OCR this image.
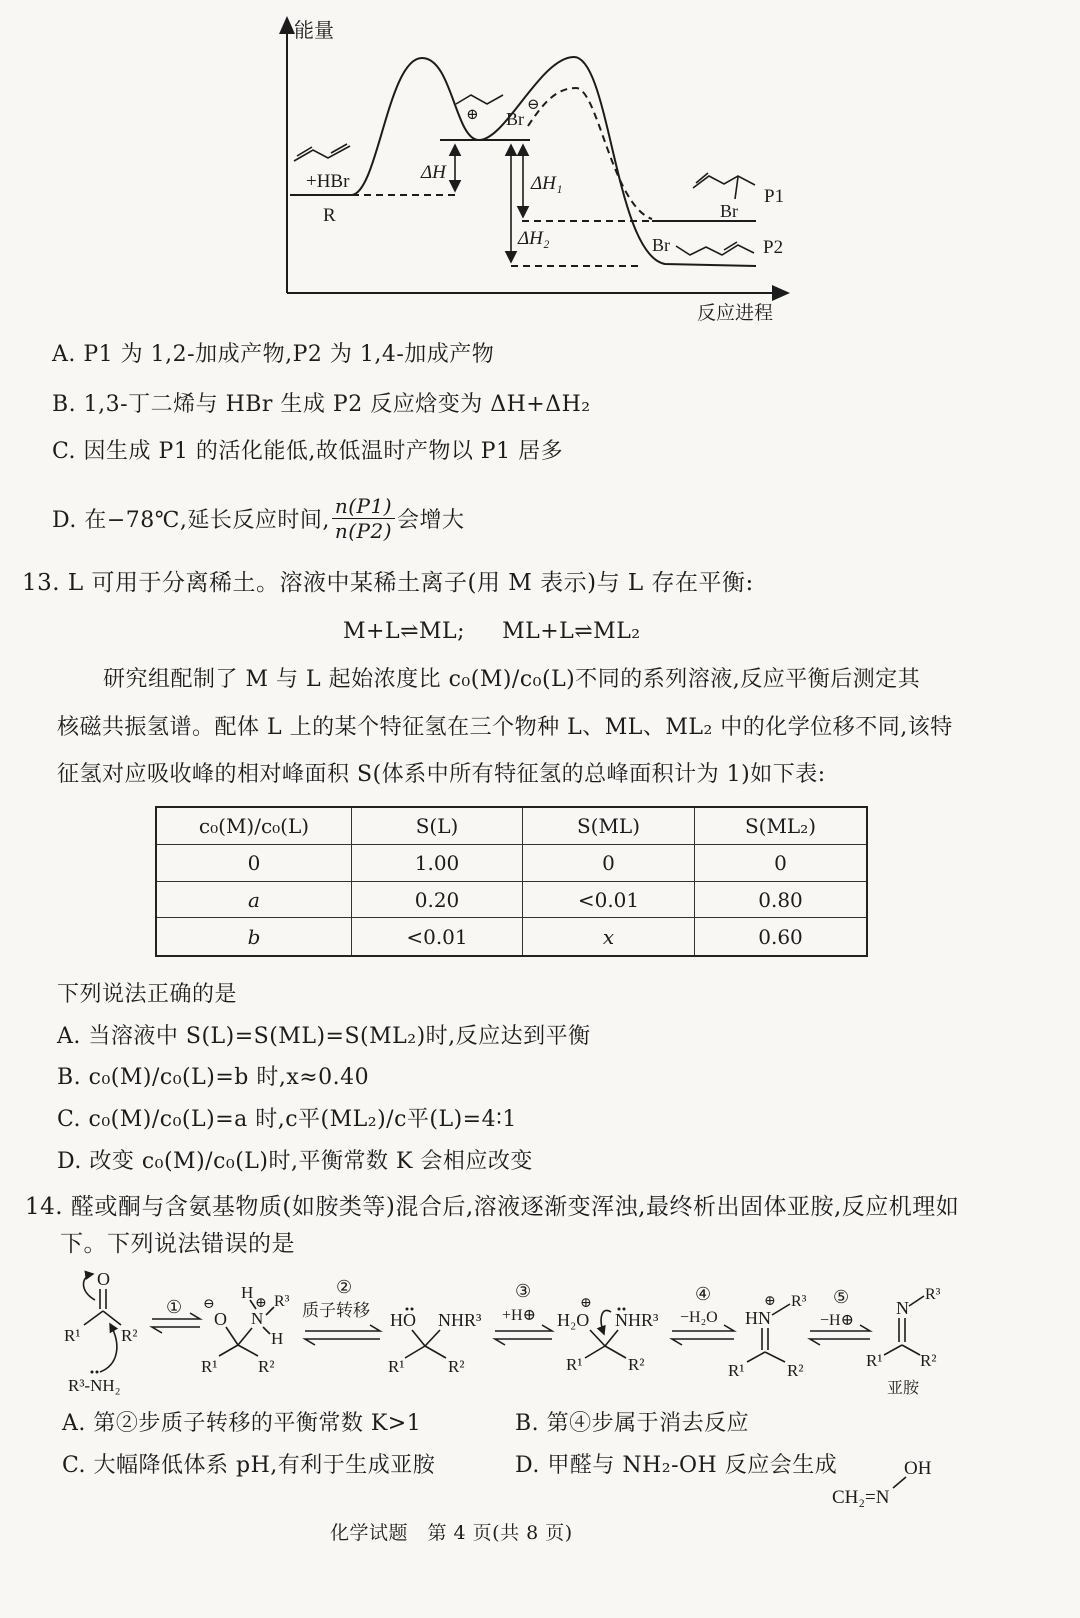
能量
反应进程
ΔH
ΔH₁
ΔH₂
+HBr
R
⊕ Br
⊖
Br
P1
Br	P2
A. P1 为 1,2-加成产物,P2 为 1,4-加成产物
B. 1,3-丁二烯与 HBr 生成 P2 反应焓变为 ΔH+ΔH₂
C. 因生成 P1 的活化能低,故低温时产物以 P1 居多
D. 在−78℃,延长反应时间, $\frac{n(P1)}{n(P2)}$ 会增大
13. L 可用于分离稀土。溶液中某稀土离子(用 M 表示)与 L 存在平衡:
M+L⇌ML; ML+L⇌ML₂
研究组配制了 M 与 L 起始浓度比 c₀(M)/c₀(L)不同的系列溶液,反应平衡后测定其
核磁共振氢谱。配体 L 上的某个特征氢在三个物种 L、ML、ML₂ 中的化学位移不同,该特
征氢对应吸收峰的相对峰面积 S(体系中所有特征氢的总峰面积计为 1)如下表:
c₀(M)/c₀(L)	S(L)	S(ML)	S(ML₂)
0	1.00	0	0
a	0.20	<0.01	0.80
b	<0.01	x	0.60
下列说法正确的是
A. 当溶液中 S(L)=S(ML)=S(ML₂)时,反应达到平衡
B. c₀(M)/c₀(L)=b 时,x≈0.40
C. c₀(M)/c₀(L)=a 时,c平(ML₂)/c平(L)=4∶1
D. 改变 c₀(M)/c₀(L)时,平衡常数 K 会相应改变
14. 醛或酮与含氨基物质(如胺类等)混合后,溶液逐渐变浑浊,最终析出固体亚胺,反应机理如
下。下列说法错误的是
①
②
质子转移
③
+H⊕
④
−H₂O
⑤
−H⊕
O
R¹ R²
R³-NH₂
⊖
O
H
⊕
N
R³
H
R¹ R²
HO NHR³
R¹	R²
⊕
H₂O NHR³
R¹	R²
⊕
HN
R³
R¹	R²
N
R³
R¹ R²
亚胺
A. 第②步质子转移的平衡常数 K>1	B. 第④步属于消去反应
C. 大幅降低体系 pH,有利于生成亚胺	D. 甲醛与 NH₂-OH 反应会生成	OH
CH₂=N
化学试题　第 4 页(共 8 页)
